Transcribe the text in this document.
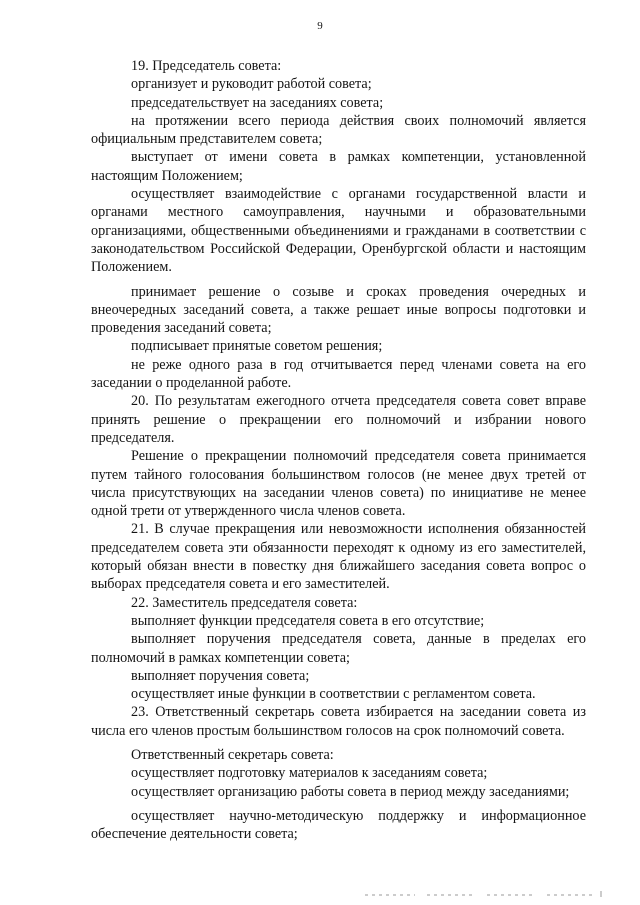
9

19. Председатель совета:

организует и руководит работой совета;

председательствует на заседаниях совета;

на протяжении всего периода действия своих полномочий является официальным представителем совета;

выступает от имени совета в рамках компетенции, установленной настоящим Положением;

осуществляет взаимодействие с органами государственной власти и органами местного самоуправления, научными и образовательными организациями, общественными объединениями и гражданами в соответствии с законодательством Российской Федерации, Оренбургской области и настоящим Положением.

принимает решение о созыве и сроках проведения очередных и внеочередных заседаний совета, а также решает иные вопросы подготовки и проведения заседаний совета;

подписывает принятые советом решения;

не реже одного раза в год отчитывается перед членами совета на его заседании о проделанной работе.

20. По результатам ежегодного отчета председателя совета совет вправе принять решение о прекращении его полномочий и избрании нового председателя.

Решение о прекращении полномочий председателя совета принимается путем тайного голосования большинством голосов (не менее двух третей от числа присутствующих на заседании членов совета) по инициативе не менее одной трети от утвержденного числа членов совета.

21. В случае прекращения или невозможности исполнения обязанностей председателем совета эти обязанности переходят к одному из его заместителей, который обязан внести в повестку дня ближайшего заседания совета вопрос о выборах председателя совета и его заместителей.

22. Заместитель председателя совета:

выполняет функции председателя совета в его отсутствие;

выполняет поручения председателя совета, данные в пределах его полномочий в рамках компетенции совета;

выполняет поручения совета;

осуществляет иные функции в соответствии с регламентом совета.

23. Ответственный секретарь совета избирается на заседании совета из числа его членов простым большинством голосов на срок полномочий совета.

Ответственный секретарь совета:

осуществляет подготовку материалов к заседаниям совета;

осуществляет организацию работы совета в период между заседаниями;

осуществляет научно-методическую поддержку и информационное обеспечение деятельности совета;
